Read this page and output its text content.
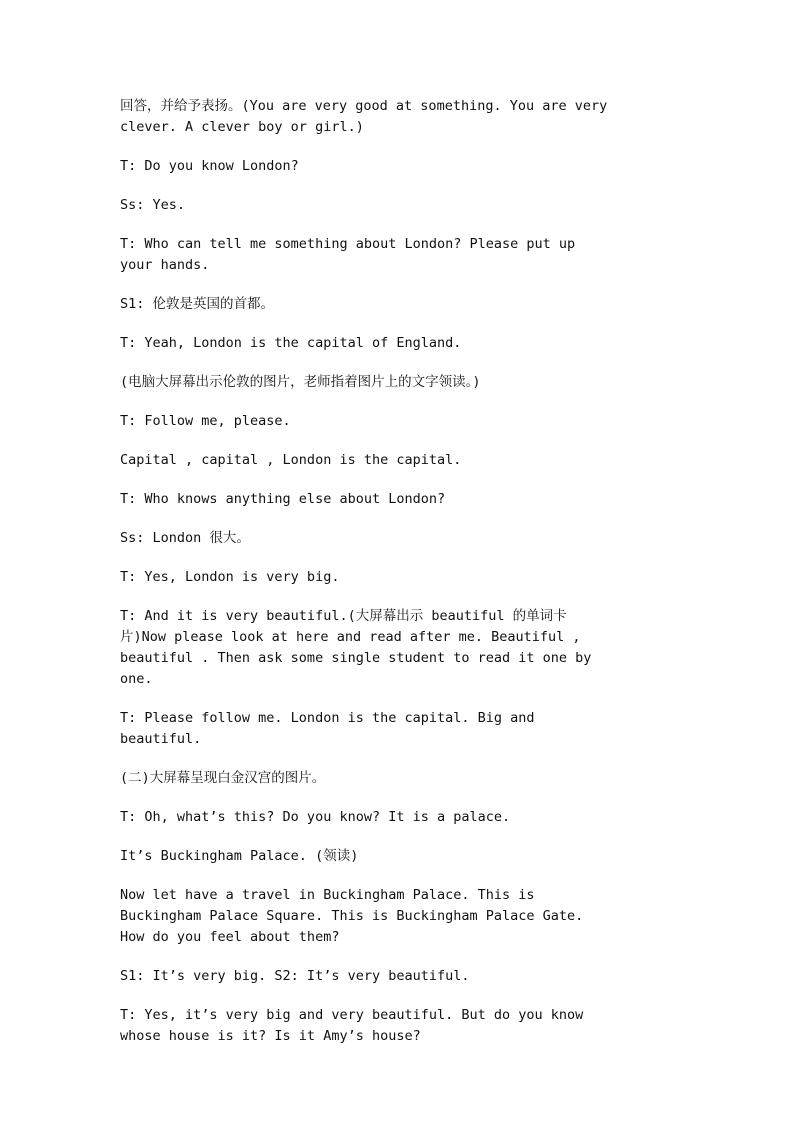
回答，并给予表扬。(You are very good at something. You are very clever. A clever boy or girl.)

T: Do you know London?

Ss: Yes.

T: Who can tell me something about London? Please put up your hands.

S1: 伦敦是英国的首都。

T: Yeah, London is the capital of England.

(电脑大屏幕出示伦敦的图片，老师指着图片上的文字领读。)

T: Follow me, please.

Capital , capital , London is the capital.

T: Who knows anything else about London?

Ss: London 很大。

T: Yes, London is very big.

T: And it is very beautiful.(大屏幕出示 beautiful 的单词卡片)Now please look at here and read after me. Beautiful , beautiful . Then ask some single student to read it one by one.

T: Please follow me. London is the capital. Big and beautiful.

(二)大屏幕呈现白金汉宫的图片。

T: Oh, what’s this? Do you know? It is a palace.

It’s Buckingham Palace. (领读)

Now let have a travel in Buckingham Palace. This is Buckingham Palace Square. This is Buckingham Palace Gate. How do you feel about them?

S1: It’s very big. S2: It’s very beautiful.

T: Yes, it’s very big and very beautiful. But do you know whose house is it? Is it Amy’s house?
